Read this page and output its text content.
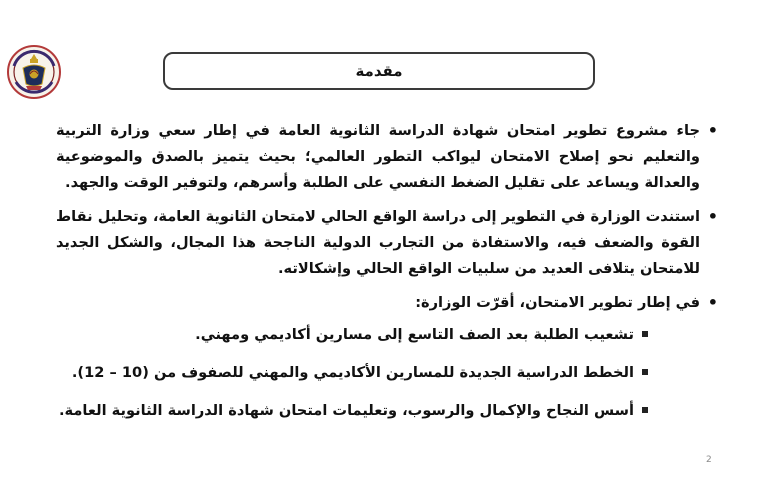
مقدمة
•
جاء مشروع تطوير امتحان شهادة الدراسة الثانوية العامة في إطار سعي وزارة التربية والتعليم نحو إصلاح الامتحان ليواكب التطور العالمي؛ بحيث يتميز بالصدق والموضوعية والعدالة ويساعد على تقليل الضغط النفسي على الطلبة وأسرهم، ولتوفير الوقت والجهد.
•
استندت الوزارة في التطوير إلى دراسة الواقع الحالي لامتحان الثانوية العامة، وتحليل نقاط القوة والضعف فيه، والاستفادة من التجارب الدولية الناجحة هذا المجال، والشكل الجديد للامتحان يتلافى العديد من سلبيات الواقع الحالي وإشكالاته.
•
في إطار تطوير الامتحان، أقرّت الوزارة:
تشعيب الطلبة بعد الصف التاسع إلى مسارين أكاديمي ومهني.
الخطط الدراسية الجديدة للمسارين الأكاديمي والمهني للصفوف من (10 – 12).
أسس النجاح والإكمال والرسوب، وتعليمات امتحان شهادة الدراسة الثانوية العامة.
2
